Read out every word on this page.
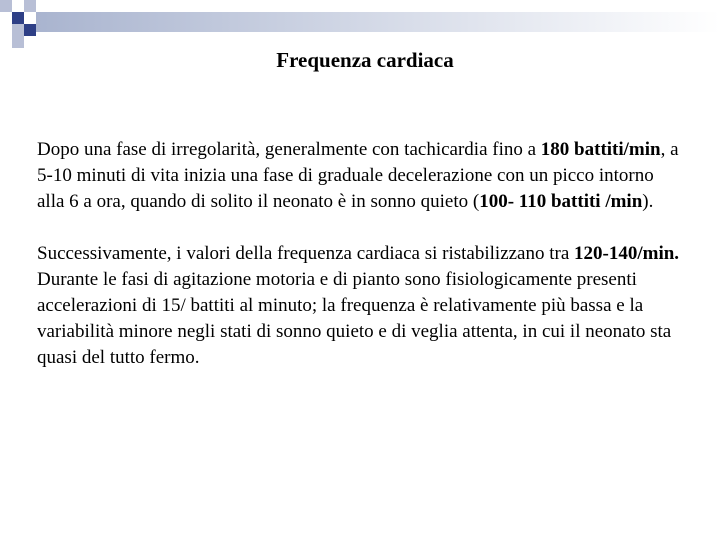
Frequenza cardiaca

Dopo una fase di irregolarità, generalmente con tachicardia fino a 180 battiti/min, a 5-10 minuti di vita inizia una fase di graduale decelerazione con un picco intorno alla 6 a ora, quando di solito il neonato è in sonno quieto (100- 110 battiti /min).

Successivamente, i valori della frequenza cardiaca si ristabilizzano tra 120-140/min. Durante le fasi di agitazione motoria e di pianto sono fisiologicamente presenti accelerazioni di 15/ battiti al minuto; la frequenza è relativamente più bassa e la variabilità minore negli stati di sonno quieto e di veglia attenta, in cui il neonato sta quasi del tutto fermo.
